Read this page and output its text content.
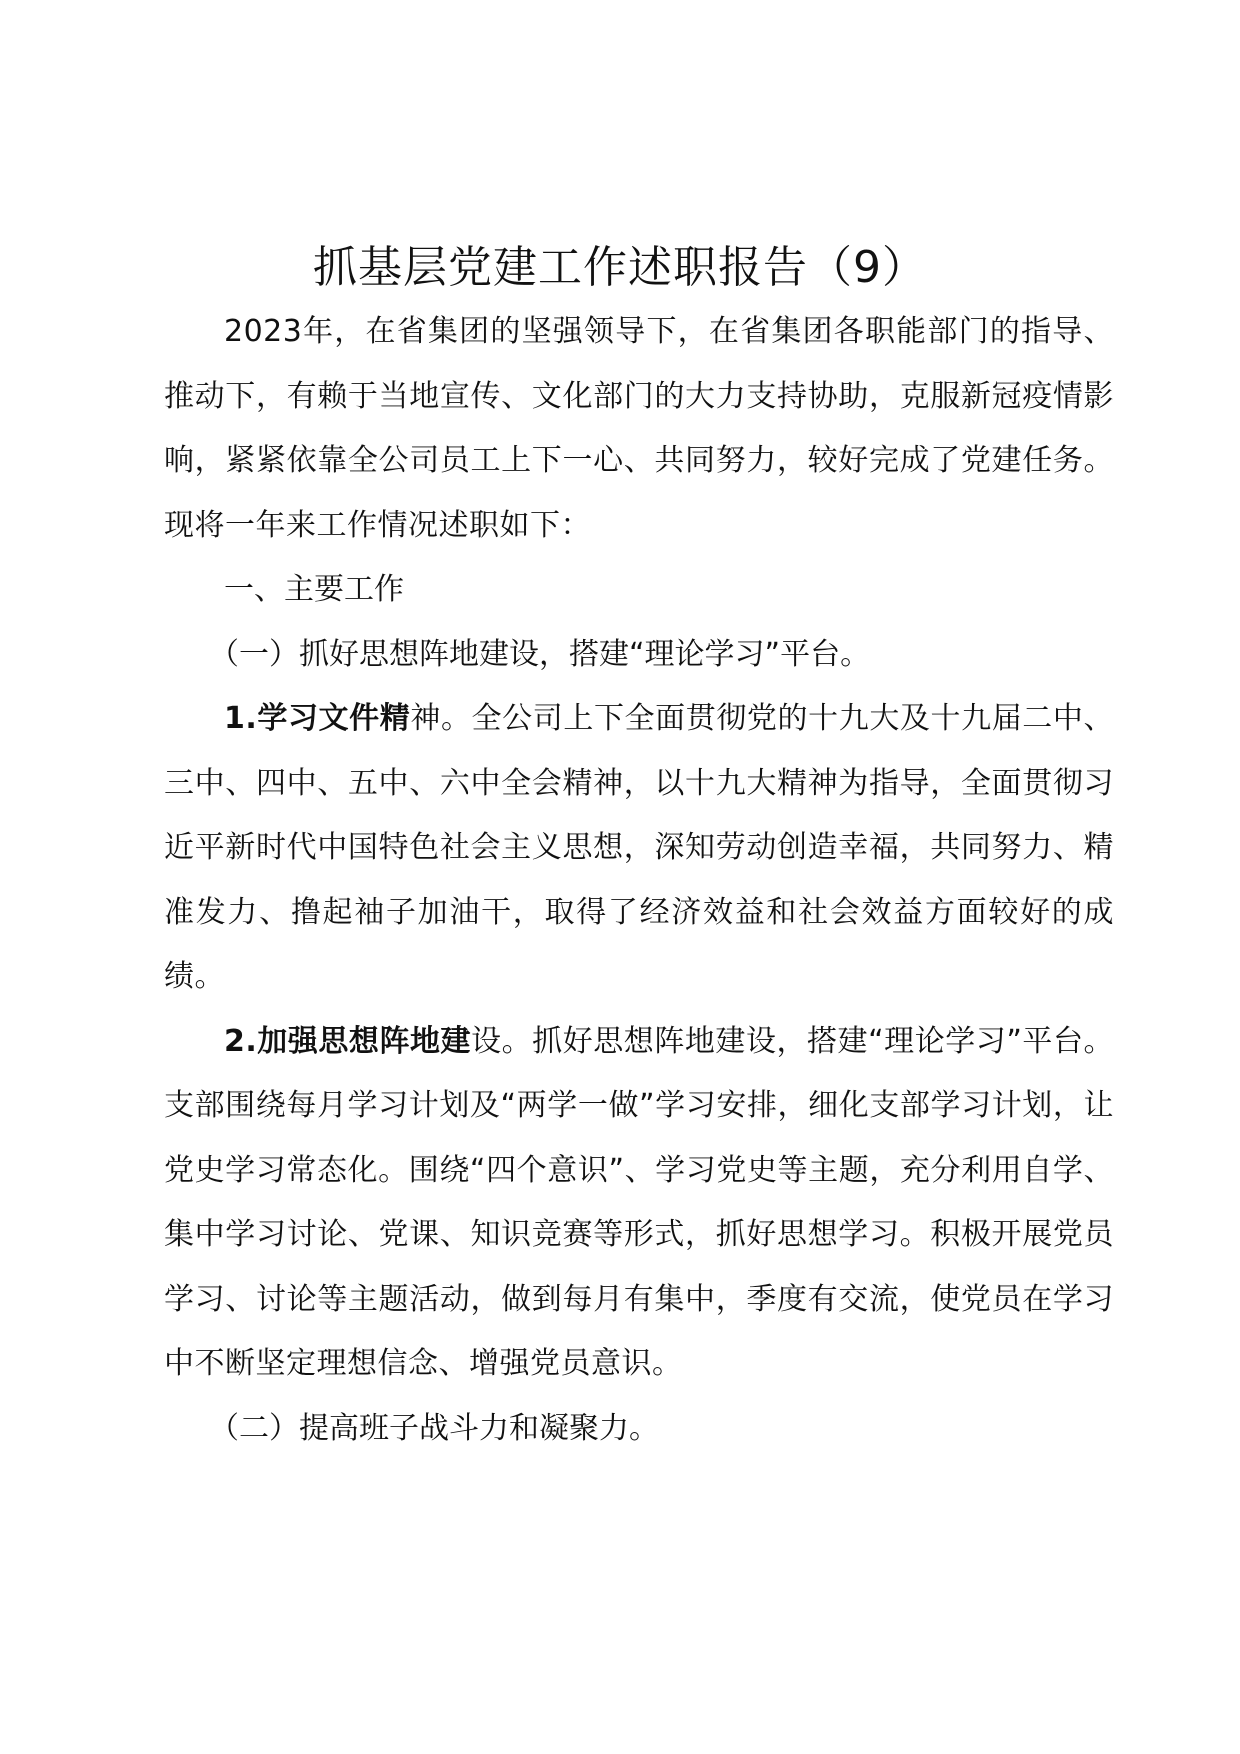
抓基层党建工作述职报告（9）

2023年，在省集团的坚强领导下，在省集团各职能部门的指导、推动下，有赖于当地宣传、文化部门的大力支持协助，克服新冠疫情影响，紧紧依靠全公司员工上下一心、共同努力，较好完成了党建任务。现将一年来工作情况述职如下：

一、主要工作

（一）抓好思想阵地建设，搭建“理论学习”平台。

1.学习文件精神。全公司上下全面贯彻党的十九大及十九届二中、三中、四中、五中、六中全会精神，以十九大精神为指导，全面贯彻习近平新时代中国特色社会主义思想，深知劳动创造幸福，共同努力、精准发力、撸起袖子加油干，取得了经济效益和社会效益方面较好的成绩。

2.加强思想阵地建设。抓好思想阵地建设，搭建“理论学习”平台。支部围绕每月学习计划及“两学一做”学习安排，细化支部学习计划，让党史学习常态化。围绕“四个意识”、学习党史等主题，充分利用自学、集中学习讨论、党课、知识竞赛等形式，抓好思想学习。积极开展党员学习、讨论等主题活动，做到每月有集中，季度有交流，使党员在学习中不断坚定理想信念、增强党员意识。

（二）提高班子战斗力和凝聚力。
